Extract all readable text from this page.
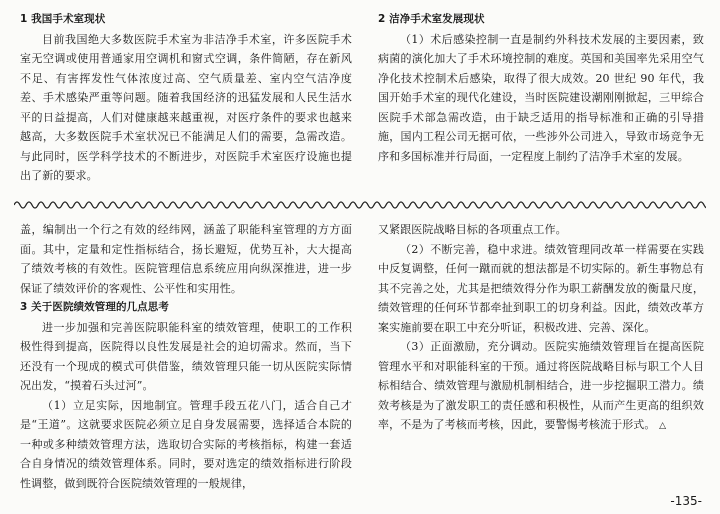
1 我国手术室现状

目前我国绝大多数医院手术室为非洁净手术室，许多医院手术室无空调或使用普通家用空调机和窗式空调，条件简陋，存在新风不足、有害挥发性气体浓度过高、空气质量差、室内空气洁净度差、手术感染严重等问题。随着我国经济的迅猛发展和人民生活水平的日益提高，人们对健康越来越重视，对医疗条件的要求也越来越高，大多数医院手术室状况已不能满足人们的需要，急需改造。与此同时，医学科学技术的不断进步，对医院手术室医疗设施也提出了新的要求。

2 洁净手术室发展现状

（1）术后感染控制一直是制约外科技术发展的主要因素，致病菌的演化加大了手术环境控制的难度。英国和美国率先采用空气净化技术控制术后感染，取得了很大成效。20 世纪 90 年代，我国开始手术室的现代化建设，当时医院建设潮刚刚掀起，三甲综合医院手术部急需改造，由于缺乏适用的指导标准和正确的引导措施，国内工程公司无据可依，一些涉外公司进入，导致市场竞争无序和多国标准并行局面，一定程度上制约了洁净手术室的发展。

盖，编制出一个行之有效的经纬网，涵盖了职能科室管理的方方面面。其中，定量和定性指标结合，扬长避短，优势互补，大大提高了绩效考核的有效性。医院管理信息系统应用向纵深推进，进一步保证了绩效评价的客观性、公平性和实用性。

3 关于医院绩效管理的几点思考

进一步加强和完善医院职能科室的绩效管理，使职工的工作积极性得到提高，医院得以良性发展是社会的迫切需求。然而，当下还没有一个现成的模式可供借鉴，绩效管理只能一切从医院实际情况出发，“摸着石头过河”。

（1）立足实际，因地制宜。管理手段五花八门，适合自己才是“王道”。这就要求医院必须立足自身发展需要，选择适合本院的一种或多种绩效管理方法，选取切合实际的考核指标，构建一套适合自身情况的绩效管理体系。同时，要对选定的绩效指标进行阶段性调整，做到既符合医院绩效管理的一般规律，

又紧跟医院战略目标的各项重点工作。

（2）不断完善，稳中求进。绩效管理同改革一样需要在实践中反复调整，任何一蹴而就的想法都是不切实际的。新生事物总有其不完善之处，尤其是把绩效得分作为职工薪酬发放的衡量尺度，绩效管理的任何环节都牵扯到职工的切身利益。因此，绩效改革方案实施前要在职工中充分听证，积极改进、完善、深化。

（3）正面激励，充分调动。医院实施绩效管理旨在提高医院管理水平和对职能科室的干预。通过将医院战略目标与职工个人目标相结合、绩效管理与激励机制相结合，进一步挖掘职工潜力。绩效考核是为了激发职工的责任感和积极性，从而产生更高的组织效率，不是为了考核而考核，因此，要警惕考核流于形式。 △

-135-
